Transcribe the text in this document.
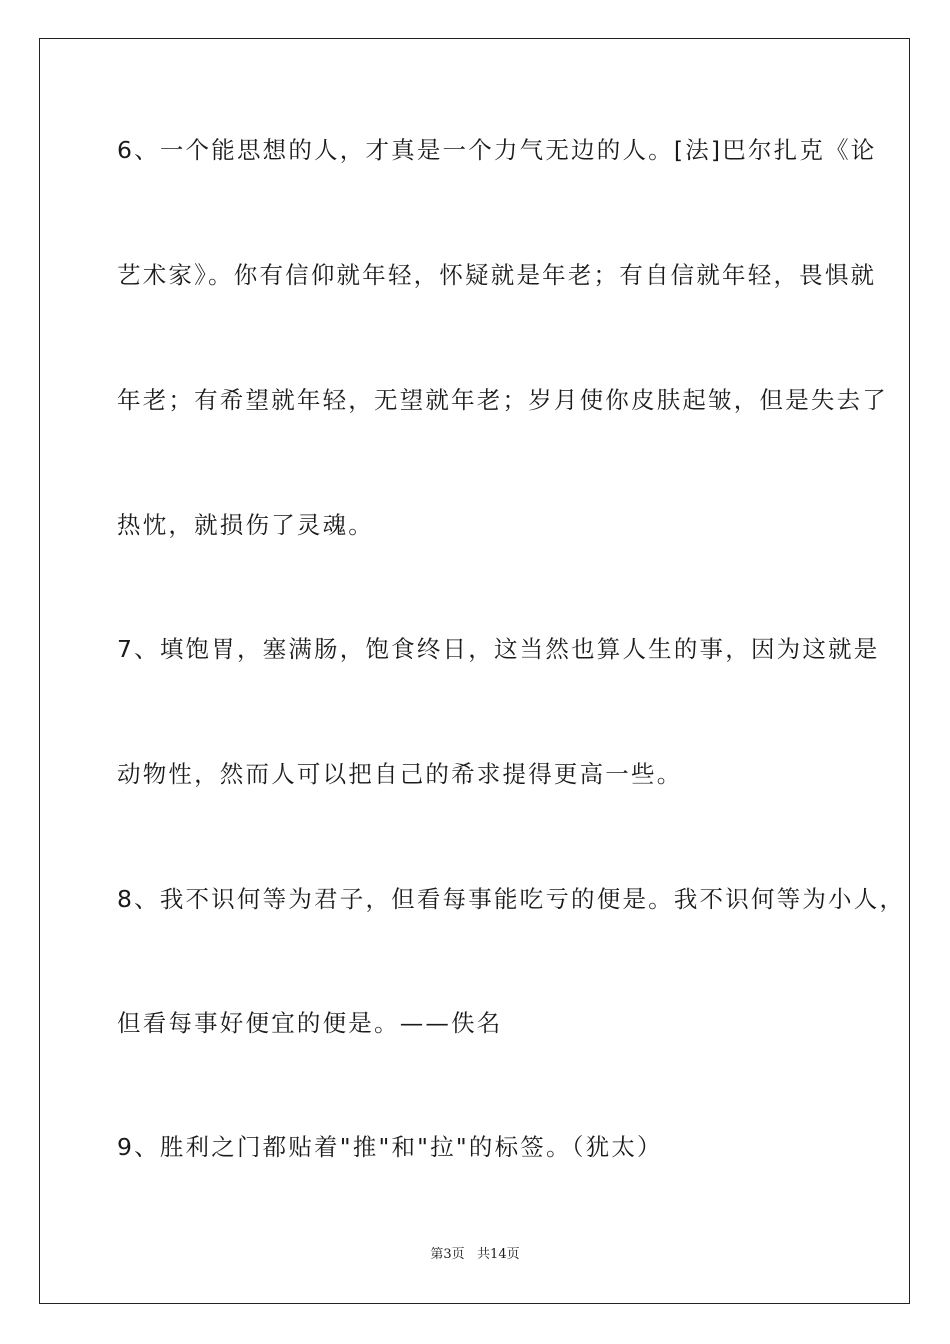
6、一个能思想的人，才真是一个力气无边的人。[法]巴尔扎克《论
艺术家》。你有信仰就年轻，怀疑就是年老；有自信就年轻，畏惧就
年老；有希望就年轻，无望就年老；岁月使你皮肤起皱，但是失去了
热忱，就损伤了灵魂。
7、填饱胃，塞满肠，饱食终日，这当然也算人生的事，因为这就是
动物性，然而人可以把自己的希求提得更高一些。
8、我不识何等为君子，但看每事能吃亏的便是。我不识何等为小人，
但看每事好便宜的便是。——佚名
9、胜利之门都贴着"推"和"拉"的标签。（犹太）
第3页   共14页
